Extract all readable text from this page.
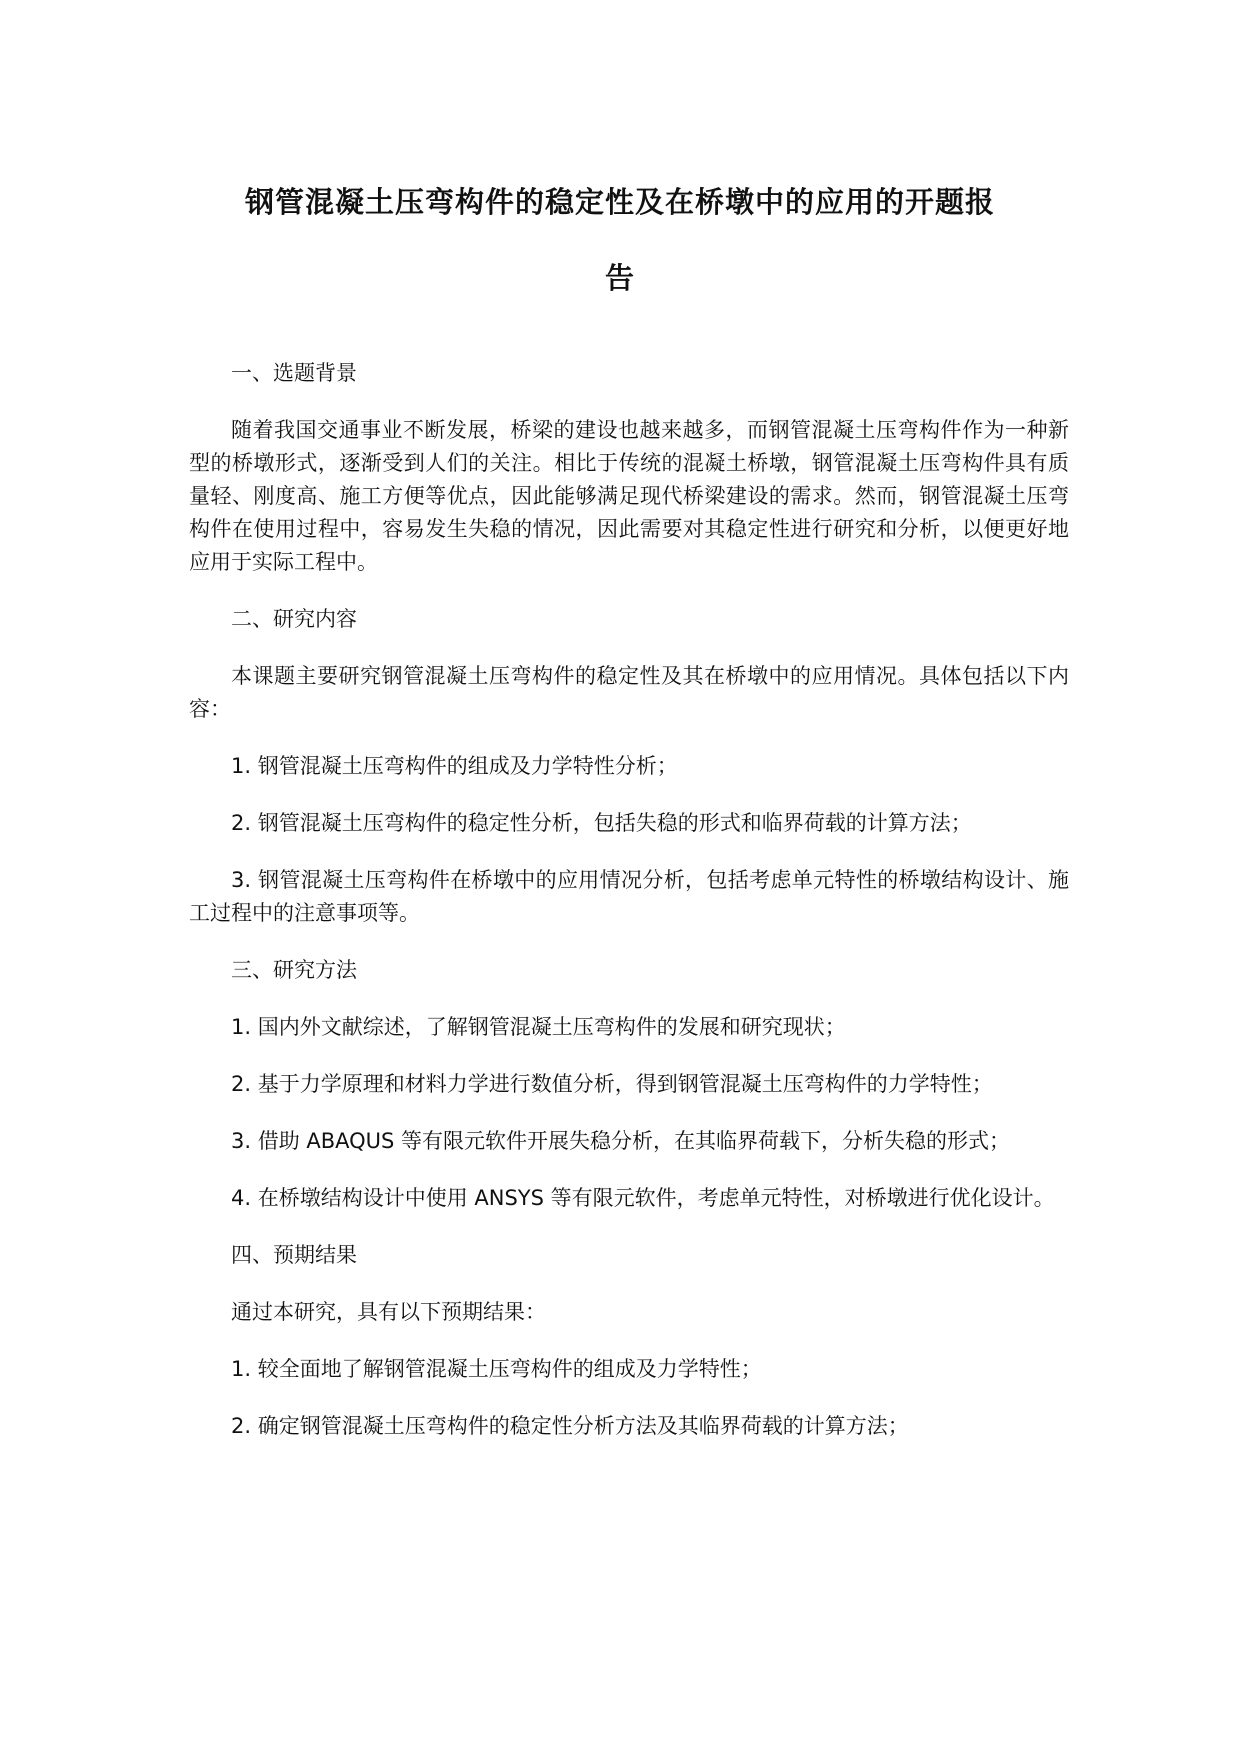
钢管混凝土压弯构件的稳定性及在桥墩中的应用的开题报
告
一、选题背景
随着我国交通事业不断发展，桥梁的建设也越来越多，而钢管混凝土压弯构件作为一种新型的桥墩形式，逐渐受到人们的关注。相比于传统的混凝土桥墩，钢管混凝土压弯构件具有质量轻、刚度高、施工方便等优点，因此能够满足现代桥梁建设的需求。然而，钢管混凝土压弯构件在使用过程中，容易发生失稳的情况，因此需要对其稳定性进行研究和分析，以便更好地应用于实际工程中。
二、研究内容
本课题主要研究钢管混凝土压弯构件的稳定性及其在桥墩中的应用情况。具体包括以下内容：
1. 钢管混凝土压弯构件的组成及力学特性分析；
2. 钢管混凝土压弯构件的稳定性分析，包括失稳的形式和临界荷载的计算方法；
3. 钢管混凝土压弯构件在桥墩中的应用情况分析，包括考虑单元特性的桥墩结构设计、施工过程中的注意事项等。
三、研究方法
1. 国内外文献综述，了解钢管混凝土压弯构件的发展和研究现状；
2. 基于力学原理和材料力学进行数值分析，得到钢管混凝土压弯构件的力学特性；
3. 借助 ABAQUS 等有限元软件开展失稳分析，在其临界荷载下，分析失稳的形式；
4. 在桥墩结构设计中使用 ANSYS 等有限元软件，考虑单元特性，对桥墩进行优化设计。
四、预期结果
通过本研究，具有以下预期结果：
1. 较全面地了解钢管混凝土压弯构件的组成及力学特性；
2. 确定钢管混凝土压弯构件的稳定性分析方法及其临界荷载的计算方法；
